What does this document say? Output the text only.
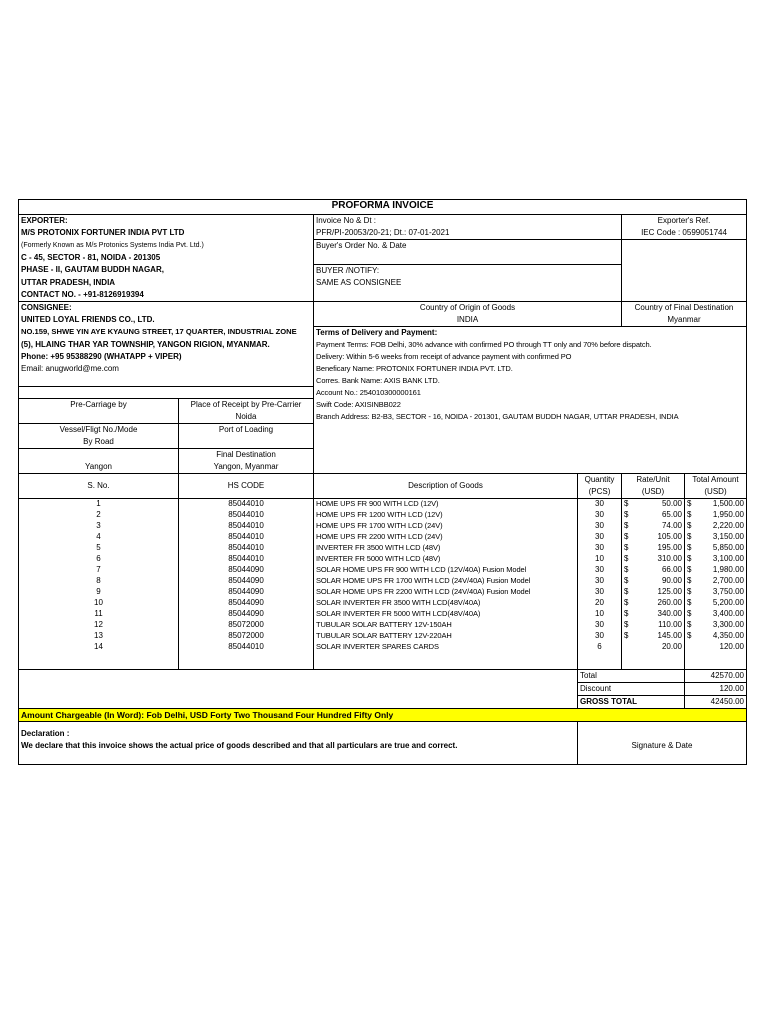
PROFORMA INVOICE					
EXPORTER:		Invoice No & Dt :		Exporter's Ref.	
M/S PROTONIX FORTUNER INDIA PVT LTD		PFR/PI-20053/20-21; Dt.: 07-01-2021		IEC Code : 0599051744	
(Formerly Known as M/s Protonics Systems India Pvt. Ltd.)		Buyer's Order No. & Date			
C - 45, SECTOR - 81, NOIDA - 201305					
PHASE - II, GAUTAM BUDDH NAGAR,		BUYER /NOTIFY:			
UTTAR PRADESH, INDIA		SAME AS CONSIGNEE			
CONTACT NO. - +91-8126919394					
CONSIGNEE:		Country of Origin of Goods		Country of Final Destination	
UNITED LOYAL FRIENDS CO., LTD.		INDIA		Myanmar	
NO.159, SHWE YIN AYE KYAUNG STREET, 17 QUARTER, INDUSTRIAL ZONE		Terms of Delivery and Payment:			
(5), HLAING THAR YAR TOWNSHIP, YANGON RIGION, MYANMAR.		Payment Terms: FOB Delhi, 30% advance with confirmed PO through TT only and 70% before dispatch.			
Phone: +95 95388290 (WHATAPP + VIPER)		Delivery: Within 5-6 weeks from receipt of advance payment with confirmed PO			
Email: anugworld@me.com		Beneficary Name: PROTONIX FORTUNER INDIA PVT. LTD.			
		Corres. Bank Name: AXIS BANK LTD.			
		Account No.: 254010300000161			
Pre-Carriage by	Place of Receipt by Pre-Carrier	Swift Code: AXISINBB022			
	Noida	Branch Address: B2-B3, SECTOR - 16, NOIDA - 201301, GAUTAM BUDDH NAGAR, UTTAR PRADESH, INDIA			
Vessel/Fligt No./Mode	Port of Loading				
By Road					
	Final Destination				
Yangon	Yangon, Myanmar				
S. No.	HS CODE	Description of Goods	Quantity	Rate/Unit	Total Amount
			(PCS)	(USD)	(USD)
1	85044010	HOME UPS FR 900 WITH LCD (12V)	30	$ 50.00	$ 1,500.00
2	85044010	HOME UPS FR 1200 WITH LCD (12V)	30	$ 65.00	$ 1,950.00
3	85044010	HOME UPS FR 1700 WITH LCD (24V)	30	$ 74.00	$ 2,220.00
4	85044010	HOME UPS FR 2200 WITH LCD (24V)	30	$ 105.00	$ 3,150.00
5	85044010	INVERTER FR 3500 WITH LCD (48V)	30	$ 195.00	$ 5,850.00
6	85044010	INVERTER FR 5000 WITH LCD (48V)	10	$ 310.00	$ 3,100.00
7	85044090	SOLAR HOME UPS FR 900 WITH LCD (12V/40A) Fusion Model	30	$ 66.00	$ 1,980.00
8	85044090	SOLAR HOME UPS FR 1700 WITH LCD (24V/40A) Fusion Model	30	$ 90.00	$ 2,700.00
9	85044090	SOLAR HOME UPS FR 2200 WITH LCD (24V/40A) Fusion Model	30	$ 125.00	$ 3,750.00
10	85044090	SOLAR INVERTER FR 3500 WITH LCD(48V/40A)	20	$ 260.00	$ 5,200.00
11	85044090	SOLAR INVERTER FR 5000 WITH LCD(48V/40A)	10	$ 340.00	$ 3,400.00
12	85072000	TUBULAR SOLAR BATTERY 12V-150AH	30	$ 110.00	$ 3,300.00
13	85072000	TUBULAR SOLAR BATTERY 12V-220AH	30	$ 145.00	$ 4,350.00
14	85044010	SOLAR INVERTER SPARES CARDS	6	20.00	120.00

			Total		42570.00
			Discount		120.00
			GROSS TOTAL		42450.00
Amount Chargeable (In Word): Fob Delhi, USD Forty Two Thousand Four Hundred Fifty Only					

Declaration :			Signature & Date		
We declare that this invoice shows the actual price of goods described and that all particulars are true and correct.					
